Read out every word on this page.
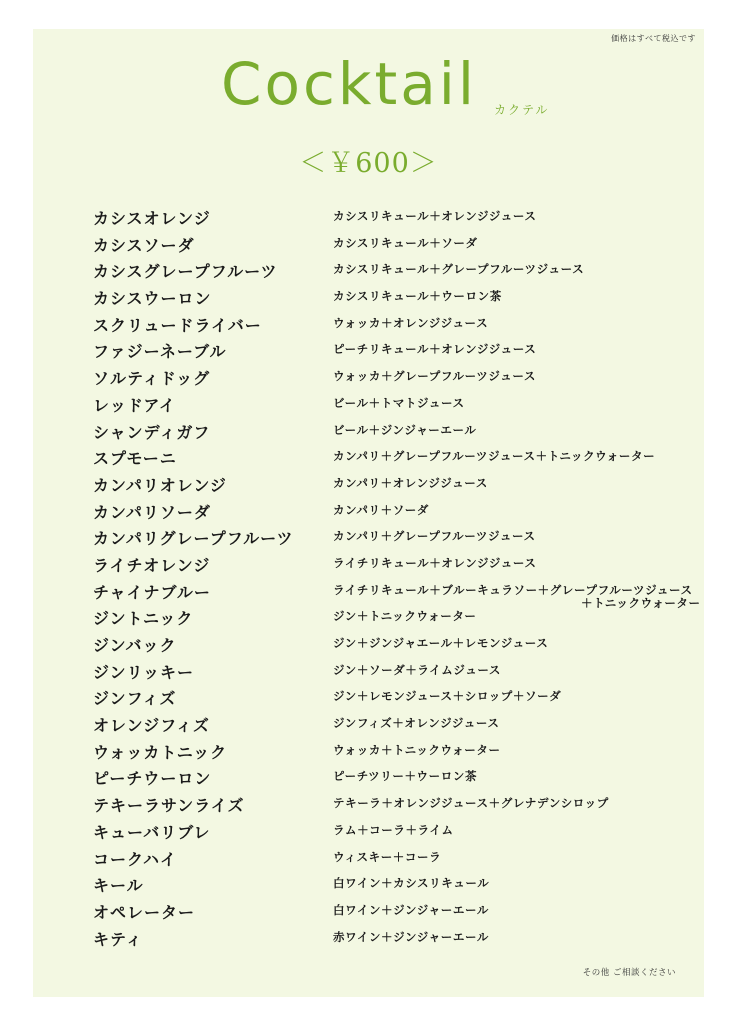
価格はすべて税込です
Cocktail カクテル
＜￥600＞
カシスオレンジ	カシスリキュール＋オレンジジュース
カシスソーダ	カシスリキュール＋ソーダ
カシスグレープフルーツ	カシスリキュール＋グレープフルーツジュース
カシスウーロン	カシスリキュール＋ウーロン茶
スクリュードライバー	ウォッカ＋オレンジジュース
ファジーネーブル	ピーチリキュール＋オレンジジュース
ソルティドッグ	ウォッカ＋グレープフルーツジュース
レッドアイ	ビール＋トマトジュース
シャンディガフ	ビール＋ジンジャーエール
スプモーニ	カンパリ＋グレープフルーツジュース＋トニックウォーター
カンパリオレンジ	カンパリ＋オレンジジュース
カンパリソーダ	カンパリ＋ソーダ
カンパリグレープフルーツ	カンパリ＋グレープフルーツジュース
ライチオレンジ	ライチリキュール＋オレンジジュース
チャイナブルー	ライチリキュール＋ブルーキュラソー＋グレープフルーツジュース
＋トニックウォーター
ジントニック	ジン＋トニックウォーター
ジンバック	ジン＋ジンジャエール＋レモンジュース
ジンリッキー	ジン＋ソーダ＋ライムジュース
ジンフィズ	ジン＋レモンジュース＋シロップ＋ソーダ
オレンジフィズ	ジンフィズ＋オレンジジュース
ウォッカトニック	ウォッカ＋トニックウォーター
ピーチウーロン	ピーチツリー＋ウーロン茶
テキーラサンライズ	テキーラ＋オレンジジュース＋グレナデンシロップ
キューバリブレ	ラム＋コーラ＋ライム
コークハイ	ウィスキー＋コーラ
キール	白ワイン＋カシスリキュール
オペレーター	白ワイン＋ジンジャーエール
キティ	赤ワイン＋ジンジャーエール
その他 ご相談ください
